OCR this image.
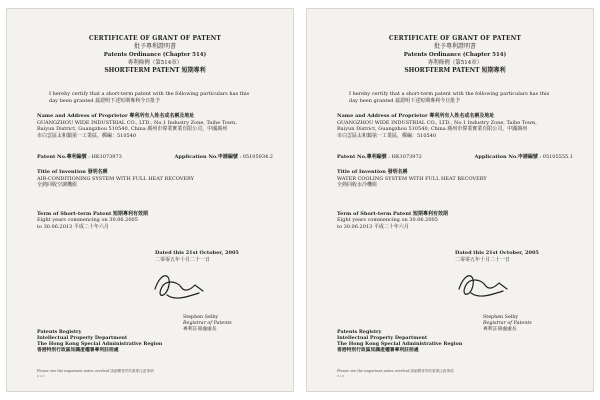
CERTIFICATE OF GRANT OF PATENT
批予專利證明書
Patents Ordinance (Chapter 514)
專利條例（第514章）
SHORT-TERM PATENT 短期專利
I hereby certify that a short-term patent with the following particulars has this
day been granted 茲證明下述短期專利今日批予
Name and Address of Proprietor 專利所有人姓名或名稱及地址
GUANGZHOU WIDE INDUSTRIAL CO., LTD., No.1 Industry Zone, Taihe Town,
Baiyun District, Guangzhou 510540, China 廣州市偉業實業有限公司，中國廣州
市白雲區太和鎮第一工業區，郵編：510540
Patent No.專利編號 : HK1073973	Application No.申請編號 : 05105934.2
Title of Invention 發明名稱
AIR-CONDITIONING SYSTEM WITH FULL HEAT RECOVERY
全熱回收空調機組
Term of Short-term Patent 短期專利有效期
Eight years commencing on 30.06.2005
to 30.06.2013 平成二十年六月
Dated this 21st October, 2005
二零零五年十月二十一日
Stephen Selby
Registrar of Patents
專利註冊處處長
Patents Registry
Intellectual Property Department
The Hong Kong Special Administrative Region
香港特別行政區知識產權署專利註冊處
Please see the important notes overleaf 請細閱背頁的重要注意事項
P.1-6
CERTIFICATE OF GRANT OF PATENT
批予專利證明書
Patents Ordinance (Chapter 514)
專利條例（第514章）
SHORT-TERM PATENT 短期專利
I hereby certify that a short-term patent with the following particulars has this
day been granted 茲證明下述短期專利今日批予
Name and Address of Proprietor 專利所有人姓名或名稱及地址
GUANGZHOU WIDE INDUSTRIAL CO., LTD., No.1 Industry Zone, Taihe Town,
Baiyun District, Guangzhou 510540, China 廣州市偉業實業有限公司，中國廣州
市白雲區太和鎮第一工業區，郵編：510540
Patent No.專利編號 : HK1073972	Application No.申請編號 : 05105555.1
Title of Invention 發明名稱
WATER COOLING SYSTEM WITH FULL HEAT RECOVERY
全熱回收水冷機組
Term of Short-term Patent 短期專利有效期
Eight years commencing on 30.06.2005
to 30.06.2013 平成二十年六月
Dated this 21st October, 2005
二零零五年十月二十一日
Stephen Selby
Registrar of Patents
專利註冊處處長
Patents Registry
Intellectual Property Department
The Hong Kong Special Administrative Region
香港特別行政區知識產權署專利註冊處
Please see the important notes overleaf 請細閱背頁的重要注意事項
P.1-6
